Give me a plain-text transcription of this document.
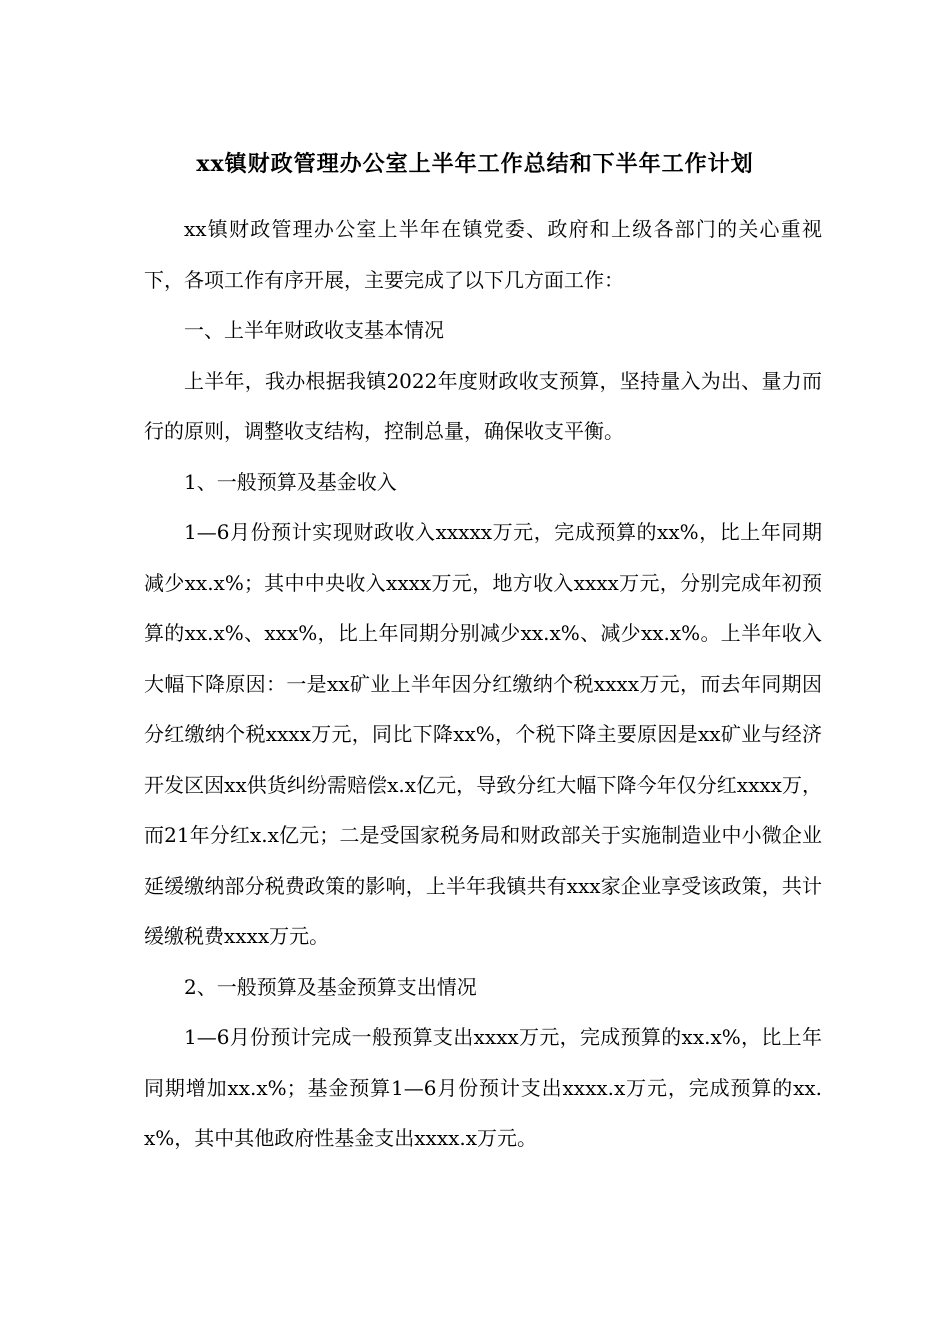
xx镇财政管理办公室上半年工作总结和下半年工作计划

xx镇财政管理办公室上半年在镇党委、政府和上级各部门的关心重视下，各项工作有序开展，主要完成了以下几方面工作：

一、上半年财政收支基本情况

上半年，我办根据我镇2022年度财政收支预算，坚持量入为出、量力而行的原则，调整收支结构，控制总量，确保收支平衡。

1、一般预算及基金收入

1—6月份预计实现财政收入xxxxx万元，完成预算的xx%，比上年同期减少xx.x%；其中中央收入xxxx万元，地方收入xxxx万元，分别完成年初预算的xx.x%、xxx%，比上年同期分别减少xx.x%、减少xx.x%。上半年收入大幅下降原因：一是xx矿业上半年因分红缴纳个税xxxx万元，而去年同期因分红缴纳个税xxxx万元，同比下降xx%，个税下降主要原因是xx矿业与经济开发区因xx供货纠纷需赔偿x.x亿元，导致分红大幅下降今年仅分红xxxx万，而21年分红x.x亿元；二是受国家税务局和财政部关于实施制造业中小微企业延缓缴纳部分税费政策的影响，上半年我镇共有xxx家企业享受该政策，共计缓缴税费xxxx万元。

2、一般预算及基金预算支出情况

1—6月份预计完成一般预算支出xxxx万元，完成预算的xx.x%，比上年同期增加xx.x%；基金预算1—6月份预计支出xxxx.x万元，完成预算的xx.x%，其中其他政府性基金支出xxxx.x万元。
